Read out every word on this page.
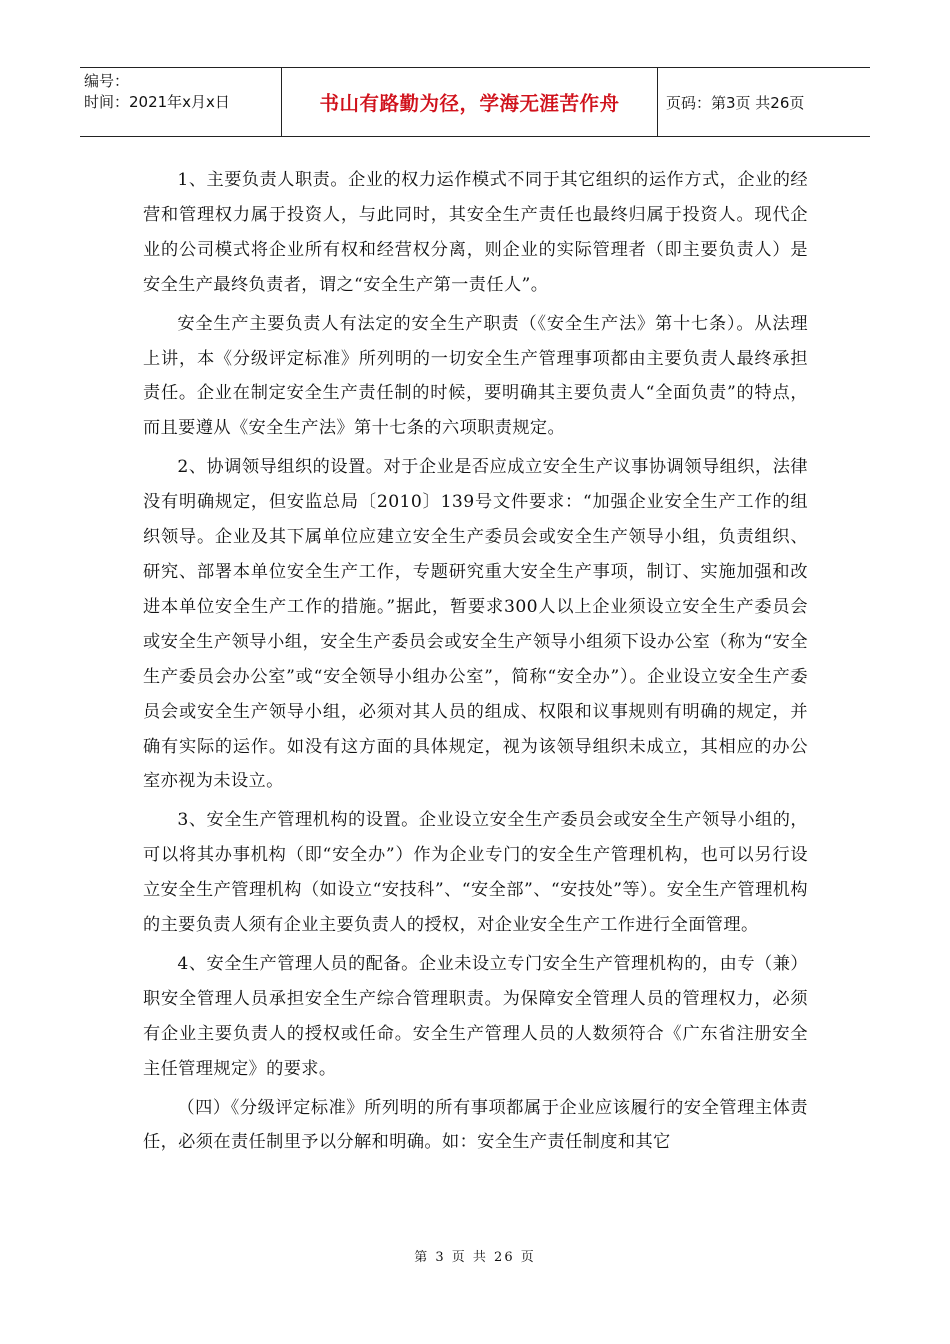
编号：
时间：2021年x月x日	书山有路勤为径，学海无涯苦作舟	页码：第3页 共26页

1、主要负责人职责。企业的权力运作模式不同于其它组织的运作方式，企业的经营和管理权力属于投资人，与此同时，其安全生产责任也最终归属于投资人。现代企业的公司模式将企业所有权和经营权分离，则企业的实际管理者（即主要负责人）是安全生产最终负责者，谓之“安全生产第一责任人”。

安全生产主要负责人有法定的安全生产职责（《安全生产法》第十七条）。从法理上讲，本《分级评定标准》所列明的一切安全生产管理事项都由主要负责人最终承担责任。企业在制定安全生产责任制的时候，要明确其主要负责人“全面负责”的特点，而且要遵从《安全生产法》第十七条的六项职责规定。

2、协调领导组织的设置。对于企业是否应成立安全生产议事协调领导组织，法律没有明确规定，但安监总局〔2010〕139号文件要求：“加强企业安全生产工作的组织领导。企业及其下属单位应建立安全生产委员会或安全生产领导小组，负责组织、研究、部署本单位安全生产工作，专题研究重大安全生产事项，制订、实施加强和改进本单位安全生产工作的措施。”据此，暂要求300人以上企业须设立安全生产委员会或安全生产领导小组，安全生产委员会或安全生产领导小组须下设办公室（称为“安全生产委员会办公室”或“安全领导小组办公室”，简称“安全办”）。企业设立安全生产委员会或安全生产领导小组，必须对其人员的组成、权限和议事规则有明确的规定，并确有实际的运作。如没有这方面的具体规定，视为该领导组织未成立，其相应的办公室亦视为未设立。

3、安全生产管理机构的设置。企业设立安全生产委员会或安全生产领导小组的，可以将其办事机构（即“安全办”）作为企业专门的安全生产管理机构，也可以另行设立安全生产管理机构（如设立“安技科”、“安全部”、“安技处”等）。安全生产管理机构的主要负责人须有企业主要负责人的授权，对企业安全生产工作进行全面管理。

4、安全生产管理人员的配备。企业未设立专门安全生产管理机构的，由专（兼）职安全管理人员承担安全生产综合管理职责。为保障安全管理人员的管理权力，必须有企业主要负责人的授权或任命。安全生产管理人员的人数须符合《广东省注册安全主任管理规定》的要求。

（四）《分级评定标准》所列明的所有事项都属于企业应该履行的安全管理主体责任，必须在责任制里予以分解和明确。如：安全生产责任制度和其它

第 3 页 共 26 页
